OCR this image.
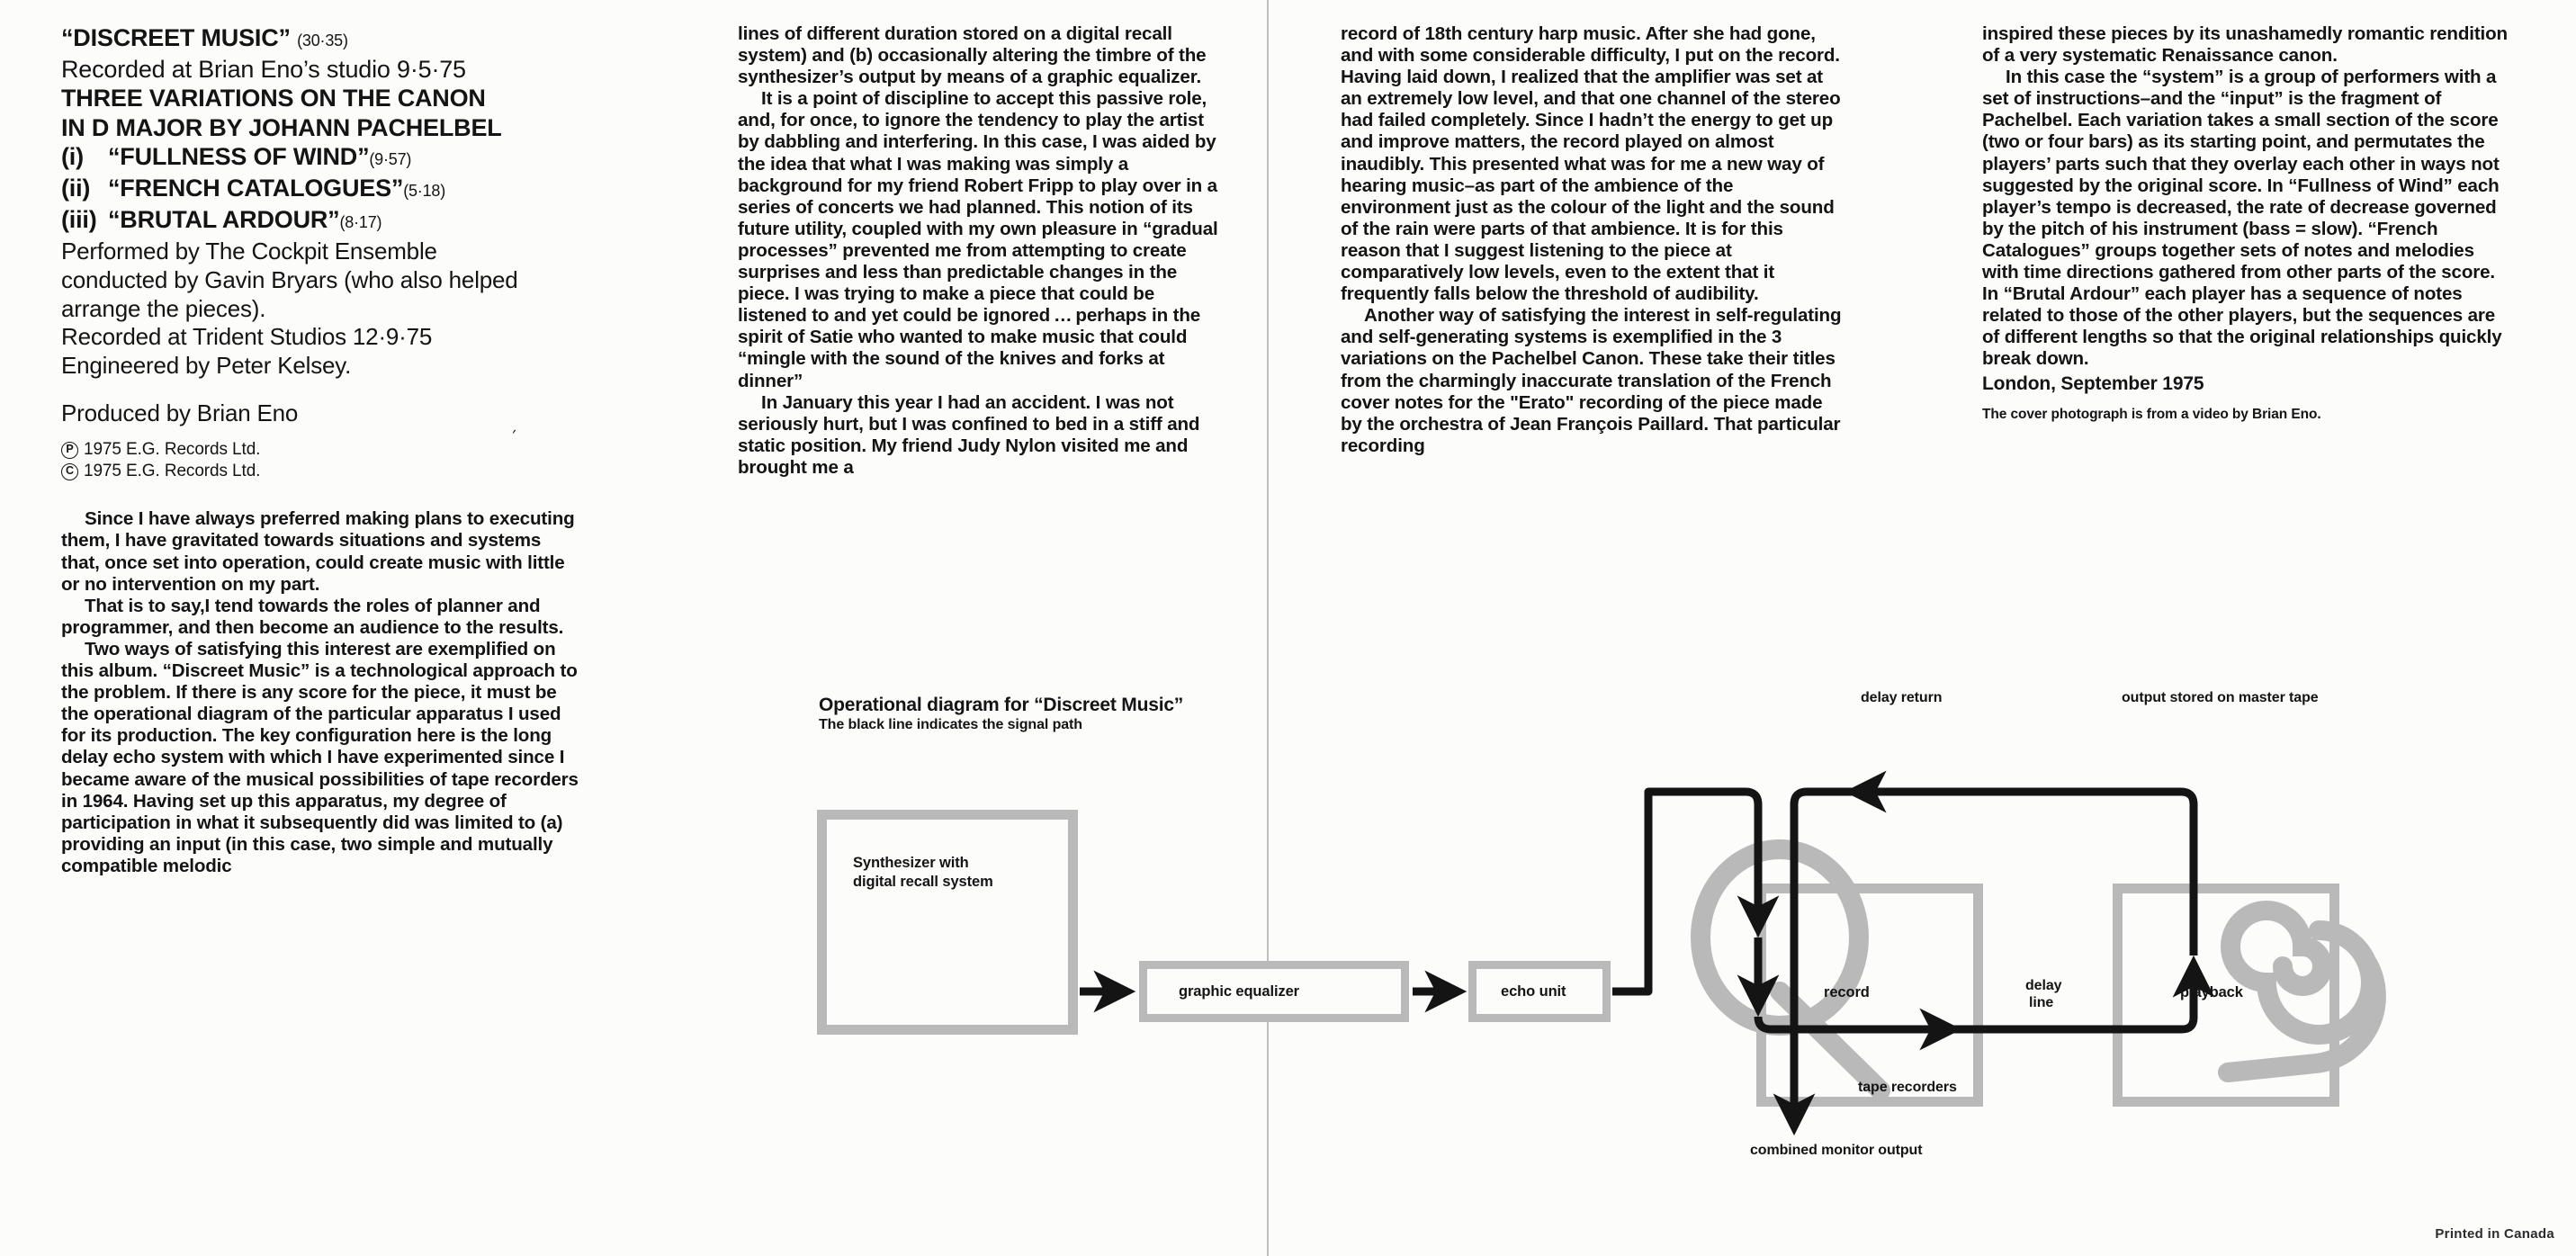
“DISCREET MUSIC” (30·35)
Recorded at Brian Eno’s studio 9·5·75
THREE VARIATIONS ON THE CANON
IN D MAJOR BY JOHANN PACHELBEL
(i) “FULLNESS OF WIND”(9·57)
(ii) “FRENCH CATALOGUES”(5·18)
(iii) “BRUTAL ARDOUR”(8·17)
Performed by The Cockpit Ensemble
conducted by Gavin Bryars (who also helped
arrange the pieces).
Recorded at Trident Studios 12·9·75
Engineered by Peter Kelsey.
Produced by Brian Eno
P 1975 E.G. Records Ltd.
C 1975 E.G. Records Ltd.

Since I have always preferred making plans to executing them, I have gravitated towards situations and systems that, once set into operation, could create music with little or no intervention on my part.

That is to say,I tend towards the roles of planner and programmer, and then become an audience to the results.

Two ways of satisfying this interest are exemplified on this album. “Discreet Music” is a technological approach to the problem. If there is any score for the piece, it must be the operational diagram of the particular apparatus I used for its production. The key configuration here is the long delay echo system with which I have experimented since I became aware of the musical possibilities of tape recorders in 1964. Having set up this apparatus, my degree of participation in what it subsequently did was limited to (a) providing an input (in this case, two simple and mutually compatible melodic

′

lines of different duration stored on a digital recall system) and (b) occasionally altering the timbre of the synthesizer’s output by means of a graphic equalizer.

It is a point of discipline to accept this passive role, and, for once, to ignore the tendency to play the artist by dabbling and interfering. In this case, I was aided by the idea that what I was making was simply a background for my friend Robert Fripp to play over in a series of concerts we had planned. This notion of its future utility, coupled with my own pleasure in “gradual processes” prevented me from attempting to create surprises and less than predictable changes in the piece. I was trying to make a piece that could be listened to and yet could be ignored … perhaps in the spirit of Satie who wanted to make music that could “mingle with the sound of the knives and forks at dinner”

In January this year I had an accident. I was not seriously hurt, but I was confined to bed in a stiff and static position. My friend Judy Nylon visited me and brought me a

record of 18th century harp music. After she had gone, and with some considerable difficulty, I put on the record. Having laid down, I realized that the amplifier was set at an extremely low level, and that one channel of the stereo had failed completely. Since I hadn’t the energy to get up and improve matters, the record played on almost inaudibly. This presented what was for me a new way of hearing music–as part of the ambience of the environment just as the colour of the light and the sound of the rain were parts of that ambience. It is for this reason that I suggest listening to the piece at comparatively low levels, even to the extent that it frequently falls below the threshold of audibility.

Another way of satisfying the interest in self-regulating and self-generating systems is exemplified in the 3 variations on the Pachelbel Canon. These take their titles from the charmingly inaccurate translation of the French cover notes for the "Erato" recording of the piece made by the orchestra of Jean François Paillard. That particular recording

inspired these pieces by its unashamedly romantic rendition of a very systematic Renaissance canon.

In this case the “system” is a group of performers with a set of instructions–and the “input” is the fragment of Pachelbel. Each variation takes a small section of the score (two or four bars) as its starting point, and permutates the players’ parts such that they overlay each other in ways not suggested by the original score. In “Fullness of Wind” each player’s tempo is decreased, the rate of decrease governed by the pitch of his instrument (bass = slow). “French Catalogues” groups together sets of notes and melodies with time directions gathered from other parts of the score. In “Brutal Ardour” each player has a sequence of notes related to those of the other players, but the sequences are of different lengths so that the original relationships quickly break down.

London, September 1975
The cover photograph is from a video by Brian Eno.
Operational diagram for “Discreet Music”
The black line indicates the signal path
Synthesizer with
digital recall system
graphic equalizer	echo unit	record	playback
delay return	output stored on master tape
delay
line
tape recorders
combined monitor output
Printed in Canada
